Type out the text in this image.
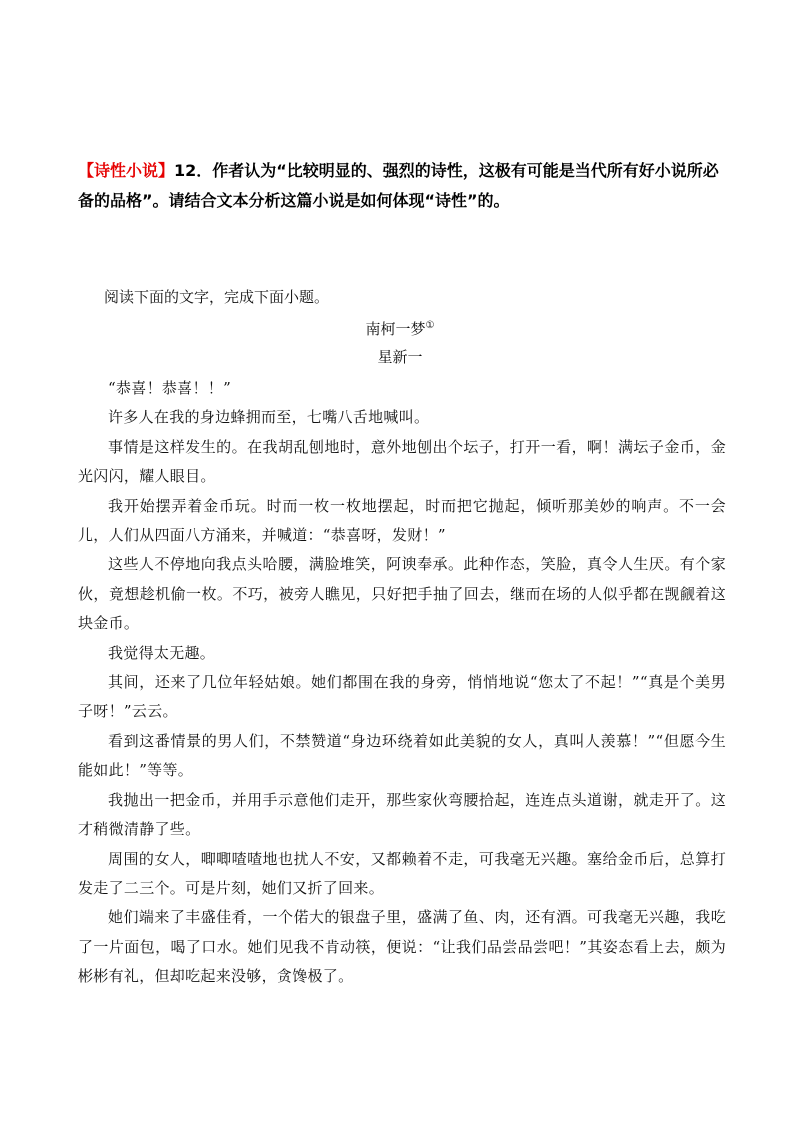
【诗性小说】12．作者认为“比较明显的、强烈的诗性，这极有可能是当代所有好小说所必备的品格”。请结合文本分析这篇小说是如何体现“诗性”的。
阅读下面的文字，完成下面小题。
南柯一梦①
星新一

“恭喜！恭喜！！”

许多人在我的身边蜂拥而至，七嘴八舌地喊叫。

事情是这样发生的。在我胡乱刨地时，意外地刨出个坛子，打开一看，啊！满坛子金币，金光闪闪，耀人眼目。

我开始摆弄着金币玩。时而一枚一枚地摆起，时而把它抛起，倾听那美妙的响声。不一会儿，人们从四面八方涌来，并喊道：“恭喜呀，发财！”

这些人不停地向我点头哈腰，满脸堆笑，阿谀奉承。此种作态，笑脸，真令人生厌。有个家伙，竟想趁机偷一枚。不巧，被旁人瞧见，只好把手抽了回去，继而在场的人似乎都在觊觎着这块金币。

我觉得太无趣。

其间，还来了几位年轻姑娘。她们都围在我的身旁，悄悄地说“您太了不起！”“真是个美男子呀！”云云。

看到这番情景的男人们，不禁赞道“身边环绕着如此美貌的女人，真叫人羡慕！”“但愿今生能如此！”等等。

我抛出一把金币，并用手示意他们走开，那些家伙弯腰拾起，连连点头道谢，就走开了。这才稍微清静了些。

周围的女人，唧唧喳喳地也扰人不安，又都赖着不走，可我毫无兴趣。塞给金币后，总算打发走了二三个。可是片刻，她们又折了回来。

她们端来了丰盛佳肴，一个偌大的银盘子里，盛满了鱼、肉，还有酒。可我毫无兴趣，我吃了一片面包，喝了口水。她们见我不肯动筷，便说：“让我们品尝品尝吧！”其姿态看上去，颇为彬彬有礼，但却吃起来没够，贪馋极了。
